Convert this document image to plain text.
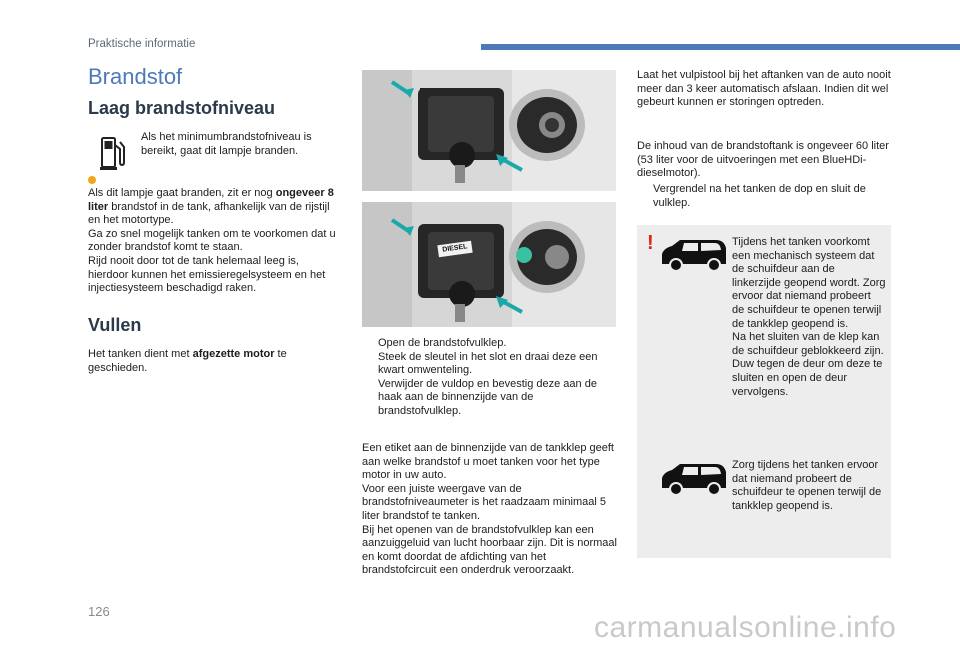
Praktische informatie
Brandstof
Laag brandstofniveau
Als het minimumbrandstofniveau is bereikt, gaat dit lampje branden.
Als dit lampje gaat branden, zit er nog ongeveer 8 liter brandstof in de tank, afhankelijk van de rijstijl en het motortype.
Ga zo snel mogelijk tanken om te voorkomen dat u zonder brandstof komt te staan.
Rijd nooit door tot de tank helemaal leeg is, hierdoor kunnen het emissieregelsysteem en het injectiesysteem beschadigd raken.
Vullen
Het tanken dient met afgezette motor te geschieden.
DIESEL
Open de brandstofvulklep.
Steek de sleutel in het slot en draai deze een kwart omwenteling.
Verwijder de vuldop en bevestig deze aan de haak aan de binnenzijde van de brandstofvulklep.
Een etiket aan de binnenzijde van de tankklep geeft aan welke brandstof u moet tanken voor het type motor in uw auto.
Voor een juiste weergave van de brandstofniveaumeter is het raadzaam minimaal 5 liter brandstof te tanken.
Bij het openen van de brandstofvulklep kan een aanzuiggeluid van lucht hoorbaar zijn. Dit is normaal en komt doordat de afdichting van het brandstofcircuit een onderdruk veroorzaakt.
Laat het vulpistool bij het aftanken van de auto nooit meer dan 3 keer automatisch afslaan. Indien dit wel gebeurt kunnen er storingen optreden.
De inhoud van de brandstoftank is ongeveer 60 liter (53 liter voor de uitvoeringen met een BlueHDi-dieselmotor).
Vergrendel na het tanken de dop en sluit de vulklep.
!	Tijdens het tanken voorkomt een mechanisch systeem dat de schuifdeur aan de linkerzijde geopend wordt. Zorg ervoor dat niemand probeert de schuifdeur te openen terwijl de tankklep geopend is.
Na het sluiten van de klep kan de schuifdeur geblokkeerd zijn. Duw tegen de deur om deze te sluiten en open de deur vervolgens.
Zorg tijdens het tanken ervoor dat niemand probeert de schuifdeur te openen terwijl de tankklep geopend is.
126	carmanualsonline.info
